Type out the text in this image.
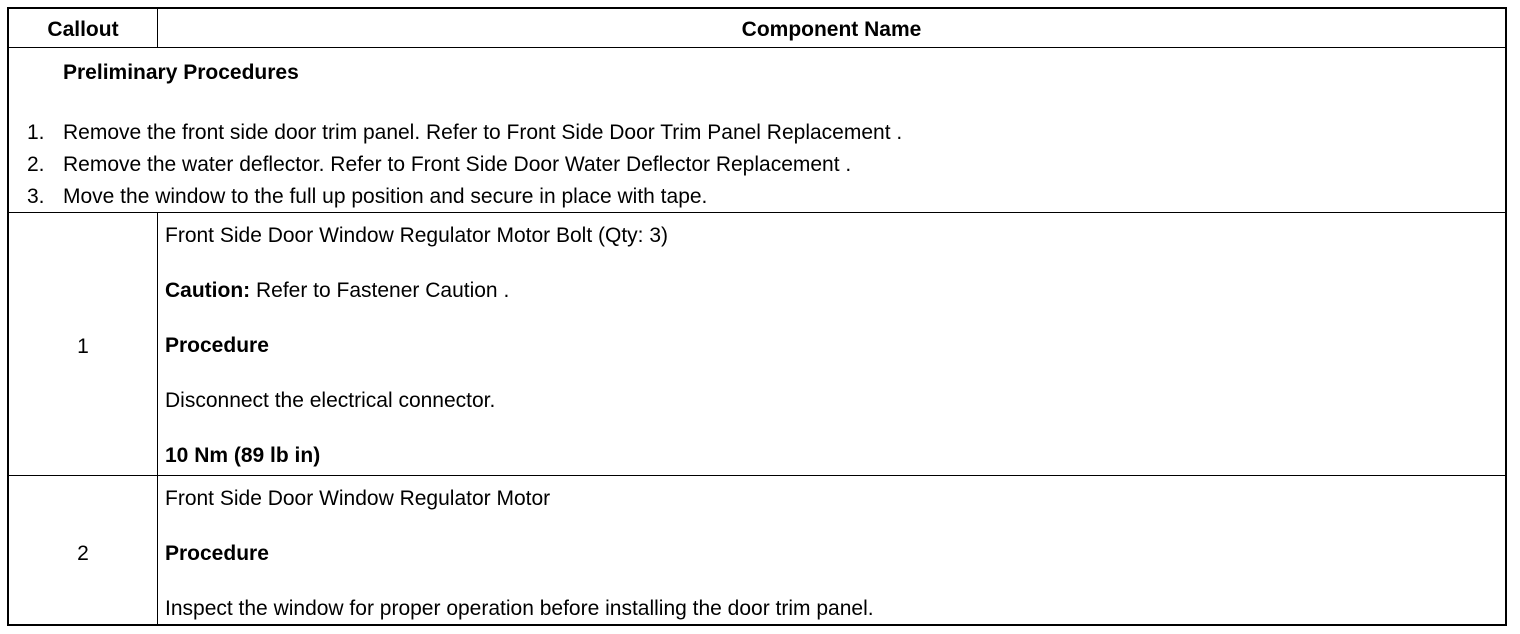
Callout	Component Name
Preliminary Procedures
1. Remove the front side door trim panel. Refer to Front Side Door Trim Panel Replacement .
2. Remove the water deflector. Refer to Front Side Door Water Deflector Replacement .
3. Move the window to the full up position and secure in place with tape.
1
Front Side Door Window Regulator Motor Bolt (Qty: 3)
Caution: Refer to Fastener Caution .
Procedure
Disconnect the electrical connector.
10 Nm (89 lb in)
2
Front Side Door Window Regulator Motor
Procedure
Inspect the window for proper operation before installing the door trim panel.
